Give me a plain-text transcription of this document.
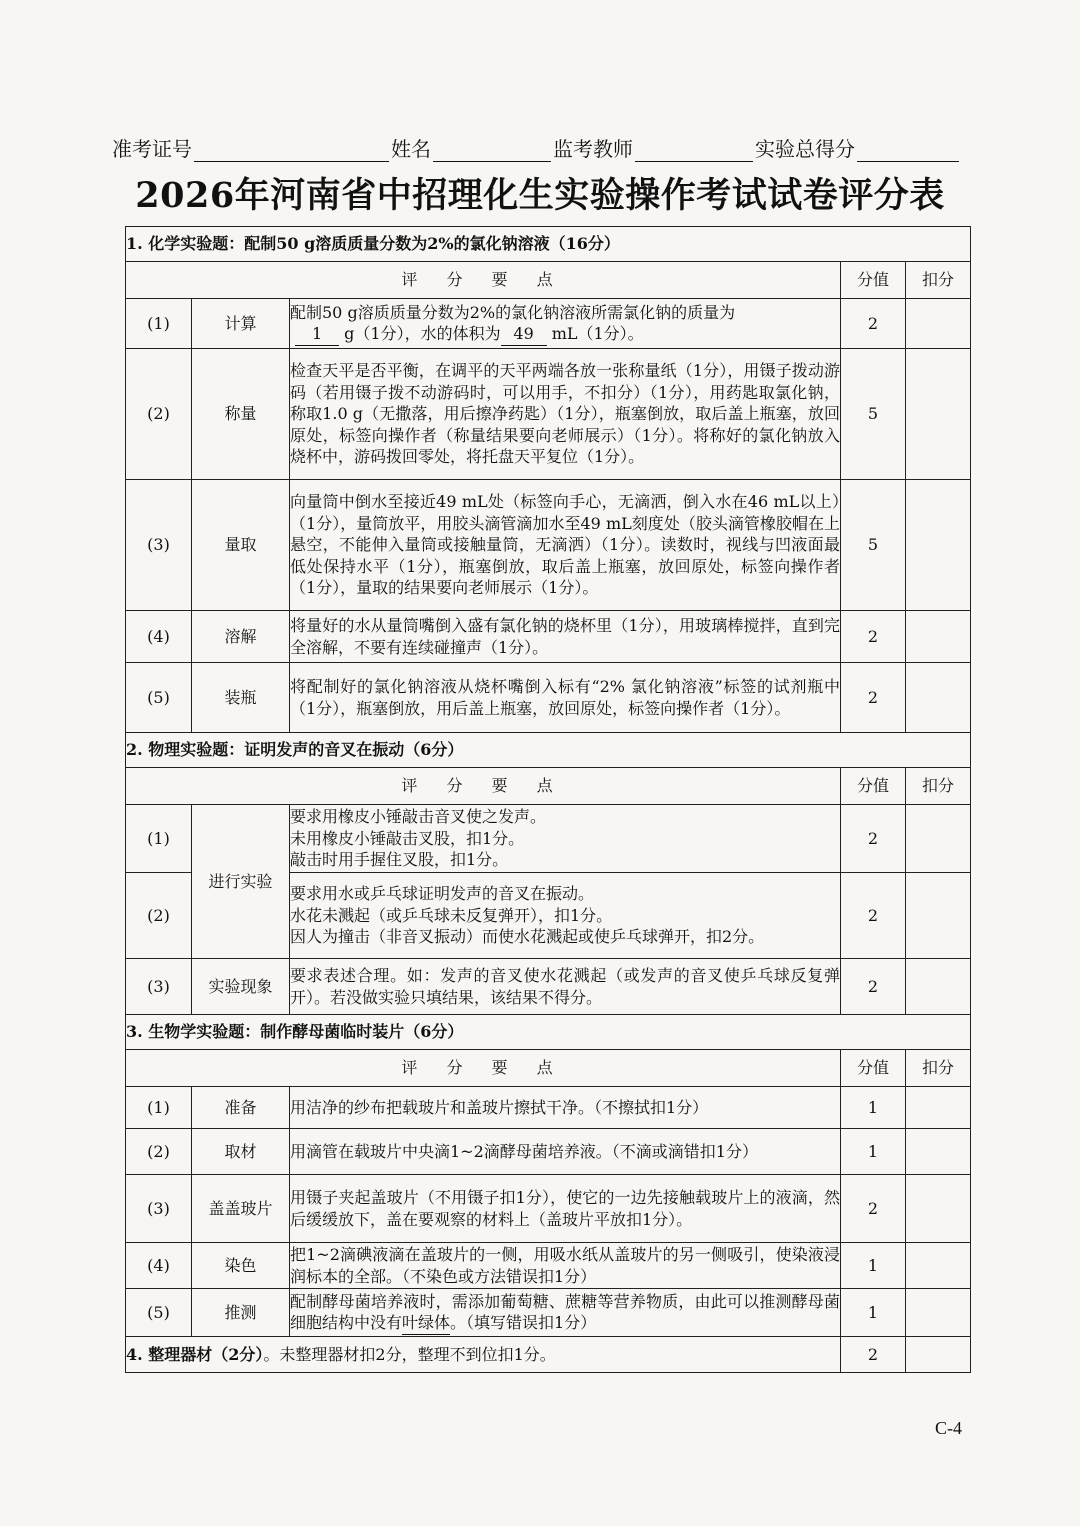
准考证号	姓名	监考教师	实验总得分
2026年河南省中招理化生实验操作考试试卷评分表
1. 化学实验题：配制50 g溶质质量分数为2%的氯化钠溶液（16分）				
评 分 要 点			分值	扣分
(1)	计算	配制50 g溶质质量分数为2%的氯化钠溶液所需氯化钠的质量为
1 g（1分），水的体积为 49 mL（1分）。	2	
(2)	称量	检查天平是否平衡，在调平的天平两端各放一张称量纸（1分），用镊子拨动游码（若用镊子拨不动游码时，可以用手，不扣分）（1分），用药匙取氯化钠，称取1.0 g（无撒落，用后擦净药匙）（1分），瓶塞倒放，取后盖上瓶塞，放回原处，标签向操作者（称量结果要向老师展示）（1分）。将称好的氯化钠放入烧杯中，游码拨回零处，将托盘天平复位（1分）。	5	
(3)	量取	向量筒中倒水至接近49 mL处（标签向手心，无滴洒，倒入水在46 mL以上）（1分），量筒放平，用胶头滴管滴加水至49 mL刻度处（胶头滴管橡胶帽在上悬空，不能伸入量筒或接触量筒，无滴洒）（1分）。读数时，视线与凹液面最低处保持水平（1分），瓶塞倒放，取后盖上瓶塞，放回原处，标签向操作者（1分），量取的结果要向老师展示（1分）。	5	
(4)	溶解	将量好的水从量筒嘴倒入盛有氯化钠的烧杯里（1分），用玻璃棒搅拌，直到完全溶解，不要有连续碰撞声（1分）。	2	
(5)	装瓶	将配制好的氯化钠溶液从烧杯嘴倒入标有“2% 氯化钠溶液”标签的试剂瓶中（1分），瓶塞倒放，用后盖上瓶塞，放回原处，标签向操作者（1分）。	2	
2. 物理实验题：证明发声的音叉在振动（6分）				
评 分 要 点			分值	扣分
(1)	进行实验	要求用橡皮小锤敲击音叉使之发声。
未用橡皮小锤敲击叉股，扣1分。
敲击时用手握住叉股，扣1分。	2	
(2)		要求用水或乒乓球证明发声的音叉在振动。
水花未溅起（或乒乓球未反复弹开），扣1分。
因人为撞击（非音叉振动）而使水花溅起或使乒乓球弹开，扣2分。	2	
(3)	实验现象	要求表述合理。如：发声的音叉使水花溅起（或发声的音叉使乒乓球反复弹开）。若没做实验只填结果，该结果不得分。	2	
3. 生物学实验题：制作酵母菌临时装片（6分）				
评 分 要 点			分值	扣分
(1)	准备	用洁净的纱布把载玻片和盖玻片擦拭干净。（不擦拭扣1分）	1	
(2)	取材	用滴管在载玻片中央滴1~2滴酵母菌培养液。（不滴或滴错扣1分）	1	
(3)	盖盖玻片	用镊子夹起盖玻片（不用镊子扣1分），使它的一边先接触载玻片上的液滴，然后缓缓放下，盖在要观察的材料上（盖玻片平放扣1分）。	2	
(4)	染色	把1~2滴碘液滴在盖玻片的一侧，用吸水纸从盖玻片的另一侧吸引，使染液浸润标本的全部。（不染色或方法错误扣1分）	1	
(5)	推测	配制酵母菌培养液时，需添加葡萄糖、蔗糖等营养物质，由此可以推测酵母菌细胞结构中没有叶绿体。（填写错误扣1分）	1	
4. 整理器材（2分）。未整理器材扣2分，整理不到位扣1分。			2	
C-4
